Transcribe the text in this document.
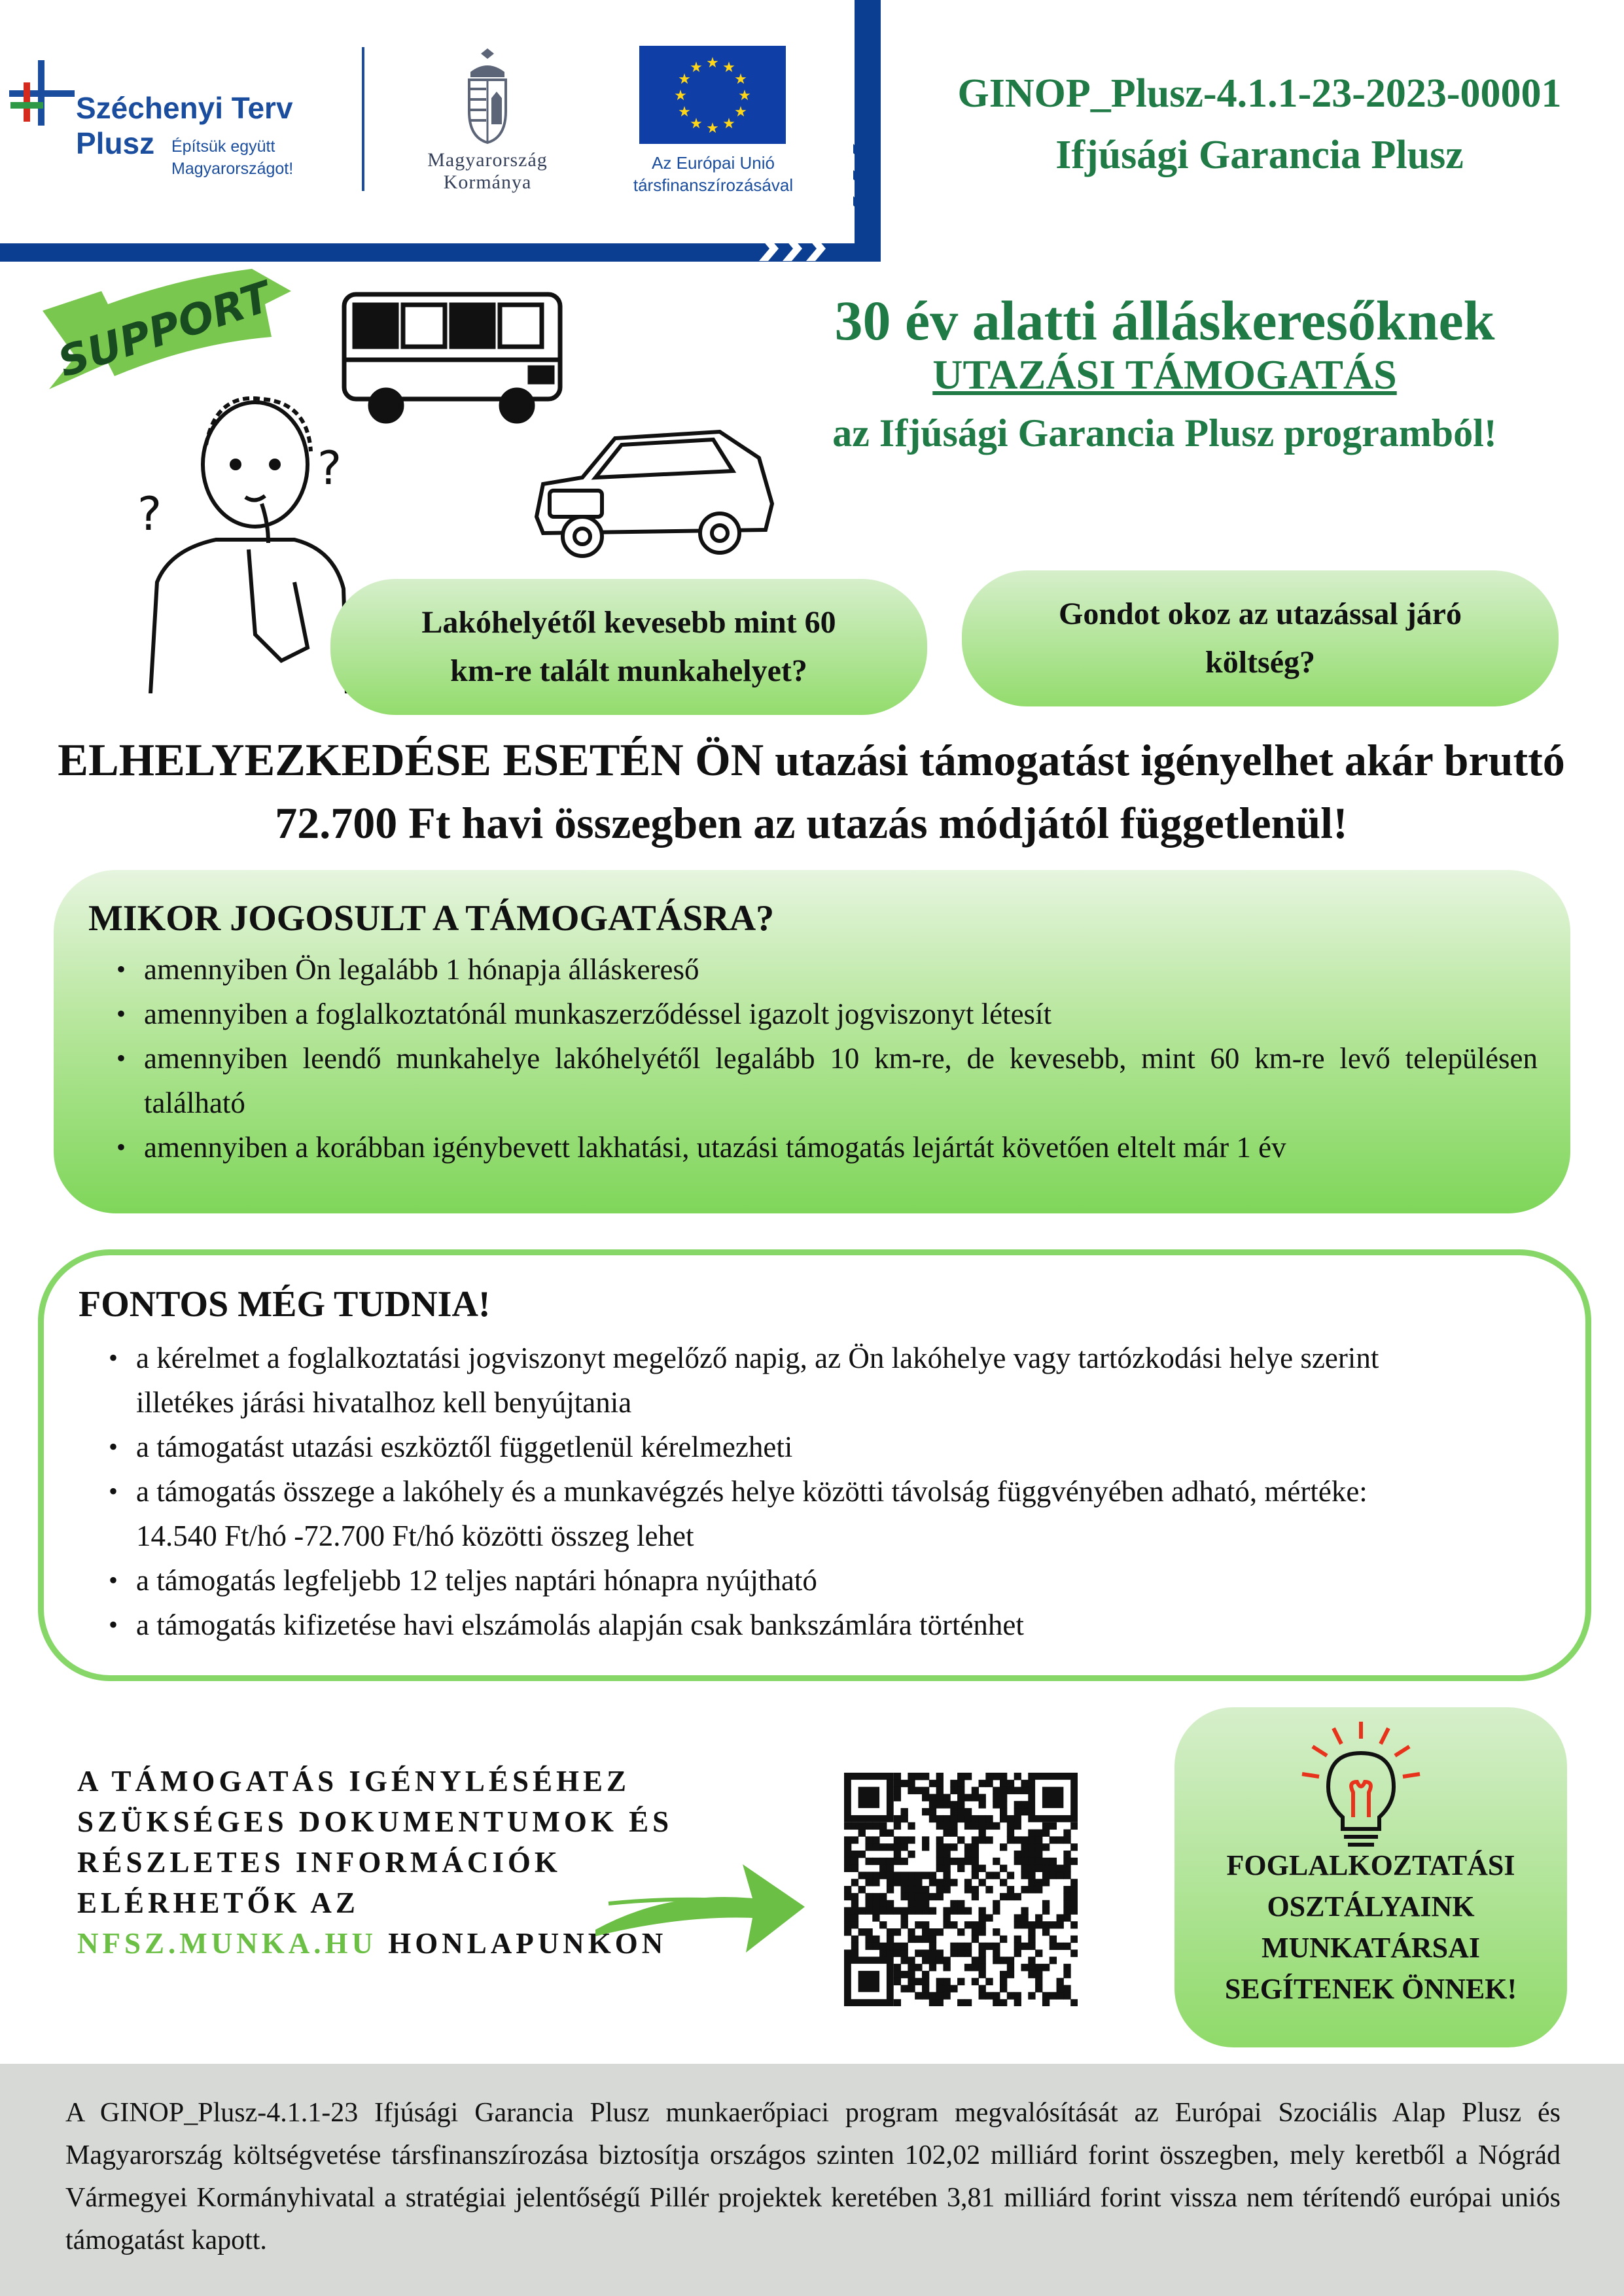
Széchenyi Terv
Plusz Építsük együtt
Magyarországot!	Magyarország
Kormánya
★ ★
★
★
★
★
★
★
★
★
★
★
Az Európai Unió
társfinanszírozásával
GINOP_Plusz-4.1.1-23-2023-00001
Ifjúsági Garancia Plusz
SUPPORT
?
?
30 év alatti álláskeresőknek
UTAZÁSI TÁMOGATÁS
az Ifjúsági Garancia Plusz programból!
Lakóhelyétől kevesebb mint 60 km-re talált munkahelyet?
Gondot okoz az utazással járó költség?
ELHELYEZKEDÉSE ESETÉN ÖN utazási támogatást igényelhet akár bruttó 72.700 Ft havi összegben az utazás módjától függetlenül!
MIKOR JOGOSULT A TÁMOGATÁSRA?
• amennyiben Ön legalább 1 hónapja álláskereső
• amennyiben a foglalkoztatónál munkaszerződéssel igazolt jogviszonyt létesít
• amennyiben leendő munkahelye lakóhelyétől legalább 10 km-re, de kevesebb, mint 60 km-re levő településen található
• amennyiben a korábban igénybevett lakhatási, utazási támogatás lejártát követően eltelt már 1 év
FONTOS MÉG TUDNIA!
• a kérelmet a foglalkoztatási jogviszonyt megelőző napig, az Ön lakóhelye vagy tartózkodási helye szerint illetékes járási hivatalhoz kell benyújtania
• a támogatást utazási eszköztől függetlenül kérelmezheti
• a támogatás összege a lakóhely és a munkavégzés helye közötti távolság függvényében adható, mértéke: 14.540 Ft/hó -72.700 Ft/hó közötti összeg lehet
• a támogatás legfeljebb 12 teljes naptári hónapra nyújtható
• a támogatás kifizetése havi elszámolás alapján csak bankszámlára történhet
A TÁMOGATÁS IGÉNYLÉSÉHEZ
SZÜKSÉGES DOKUMENTUMOK ÉS
RÉSZLETES INFORMÁCIÓK
ELÉRHETŐK AZ
NFSZ.MUNKA.HU HONLAPUNKON
FOGLALKOZTATÁSI
OSZTÁLYAINK
MUNKATÁRSAI
SEGÍTENEK ÖNNEK!
A GINOP_Plusz-4.1.1-23 Ifjúsági Garancia Plusz munkaerőpiaci program megvalósítását az Európai Szociális Alap Plusz és Magyarország költségvetése társfinanszírozása biztosítja országos szinten 102,02 milliárd forint összegben, mely keretből a Nógrád Vármegyei Kormányhivatal a stratégiai jelentőségű Pillér projektek keretében 3,81 milliárd forint vissza nem térítendő európai uniós támogatást kapott.
